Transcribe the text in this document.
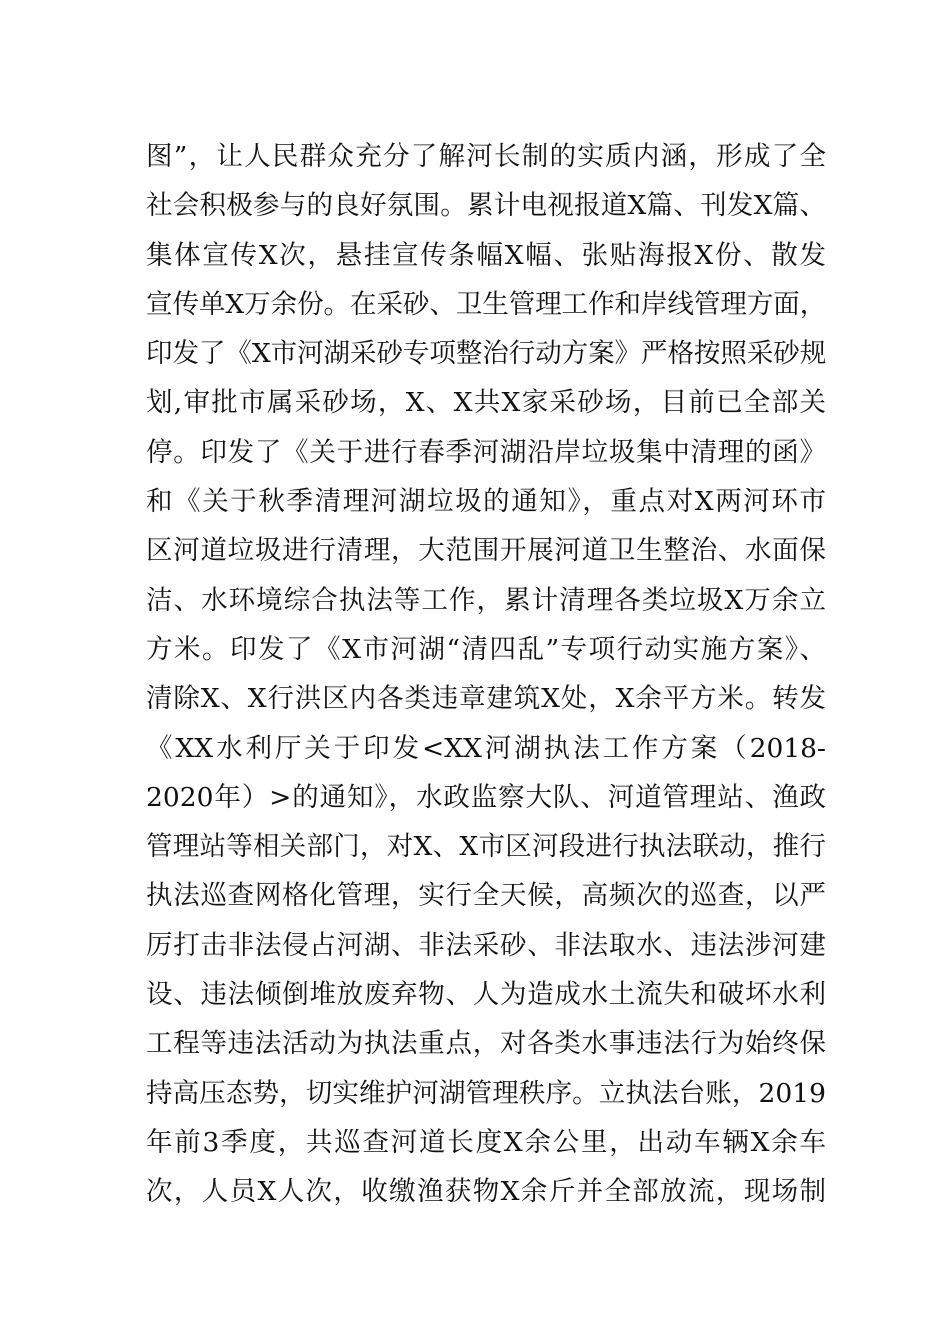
图”，让人民群众充分了解河长制的实质内涵，形成了全
社会积极参与的良好氛围。累计电视报道X篇、刊发X篇、
集体宣传X次，悬挂宣传条幅X幅、张贴海报X份、散发
宣传单X万余份。在采砂、卫生管理工作和岸线管理方面，
印发了《X市河湖采砂专项整治行动方案》严格按照采砂规
划,审批市属采砂场，X、X共X家采砂场，目前已全部关
停。印发了《关于进行春季河湖沿岸垃圾集中清理的函》
和《关于秋季清理河湖垃圾的通知》，重点对X两河环市
区河道垃圾进行清理，大范围开展河道卫生整治、水面保
洁、水环境综合执法等工作，累计清理各类垃圾X万余立
方米。印发了《X市河湖“清四乱”专项行动实施方案》、
清除X、X行洪区内各类违章建筑X处，X余平方米。转发
《XX水利厅关于印发<XX河湖执法工作方案（2018-
2020年）>的通知》，水政监察大队、河道管理站、渔政
管理站等相关部门，对X、X市区河段进行执法联动，推行
执法巡查网格化管理，实行全天候，高频次的巡查，以严
厉打击非法侵占河湖、非法采砂、非法取水、违法涉河建
设、违法倾倒堆放废弃物、人为造成水土流失和破坏水利
工程等违法活动为执法重点，对各类水事违法行为始终保
持高压态势，切实维护河湖管理秩序。立执法台账，2019
年前3季度，共巡查河道长度X余公里，出动车辆X余车
次，人员X人次，收缴渔获物X余斤并全部放流，现场制
